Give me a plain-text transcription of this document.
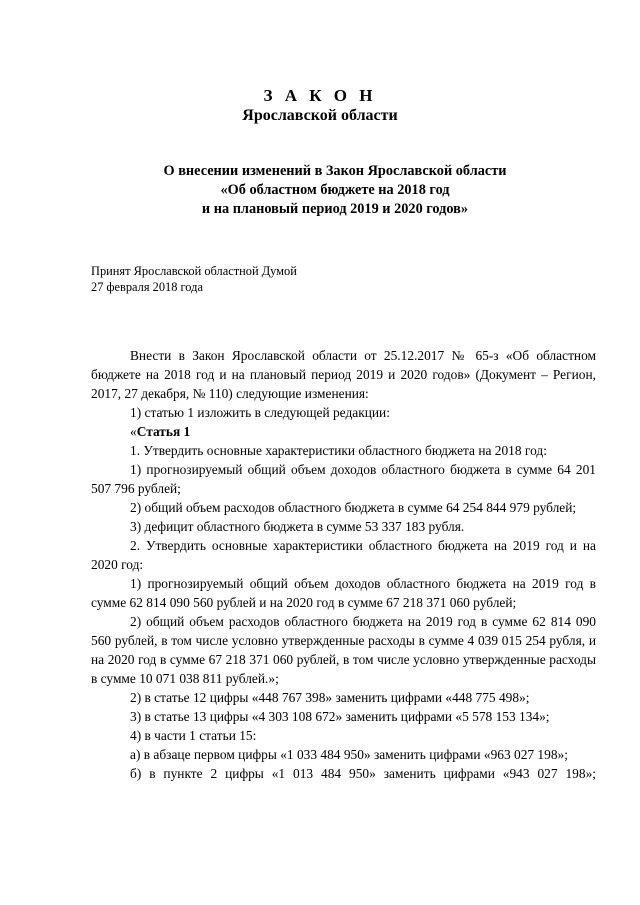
З А К О Н
Ярославской области
О внесении изменений в Закон Ярославской области
«Об областном бюджете на 2018 год
и на плановый период 2019 и 2020 годов»
Принят Ярославской областной Думой
27 февраля 2018 года

Внести в Закон Ярославской области от 25.12.2017 № 65-з «Об областном бюджете на 2018 год и на плановый период 2019 и 2020 годов» (Документ – Регион, 2017, 27 декабря, № 110) следующие изменения:

1) статью 1 изложить в следующей редакции:

«Статья 1

1. Утвердить основные характеристики областного бюджета на 2018 год:

1) прогнозируемый общий объем доходов областного бюджета в сумме 64 201 507 796 рублей;

2) общий объем расходов областного бюджета в сумме 64 254 844 979 рублей;

3) дефицит областного бюджета в сумме 53 337 183 рубля.

2. Утвердить основные характеристики областного бюджета на 2019 год и на 2020 год:

1) прогнозируемый общий объем доходов областного бюджета на 2019 год в сумме 62 814 090 560 рублей и на 2020 год в сумме 67 218 371 060 рублей;

2) общий объем расходов областного бюджета на 2019 год в сумме 62 814 090 560 рублей, в том числе условно утвержденные расходы в сумме 4 039 015 254 рубля, и на 2020 год в сумме 67 218 371 060 рублей, в том числе условно утвержденные расходы в сумме 10 071 038 811 рублей.»;

2) в статье 12 цифры «448 767 398» заменить цифрами «448 775 498»;

3) в статье 13 цифры «4 303 108 672» заменить цифрами «5 578 153 134»;

4) в части 1 статьи 15:

а) в абзаце первом цифры «1 033 484 950» заменить цифрами «963 027 198»;

б) в пункте 2 цифры «1 013 484 950» заменить цифрами «943 027 198»;
